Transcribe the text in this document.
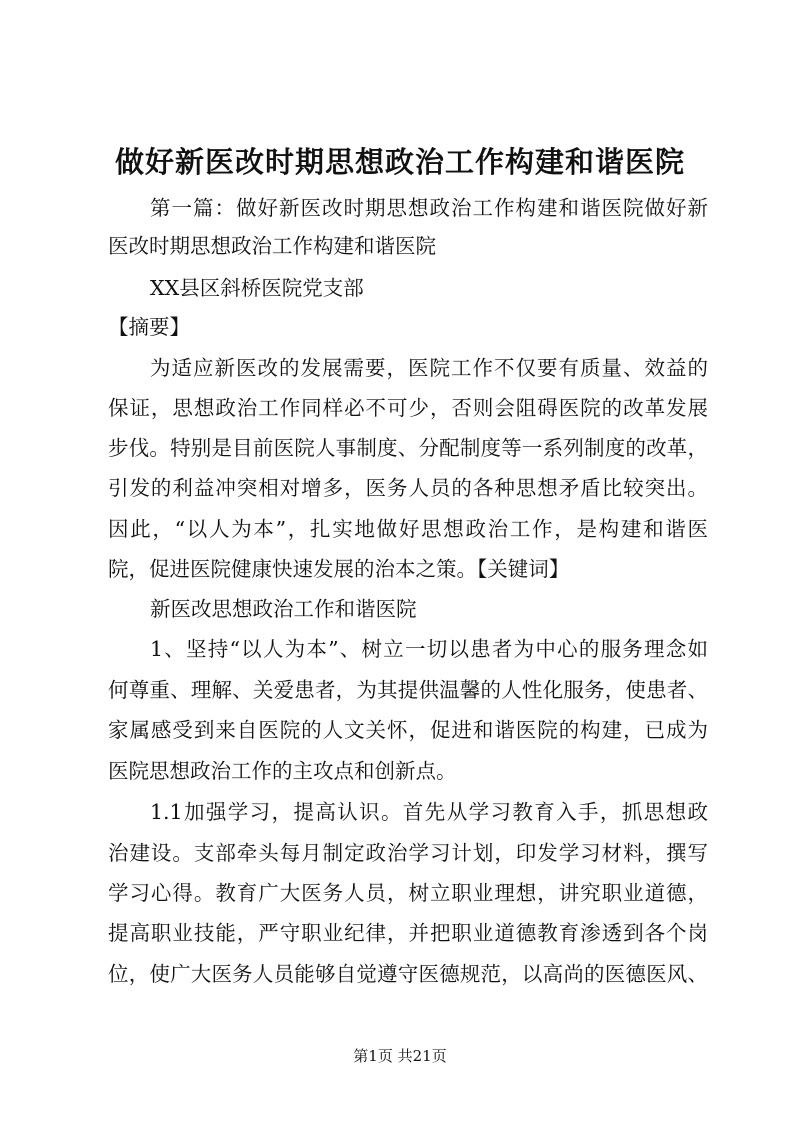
做好新医改时期思想政治工作构建和谐医院
第一篇：做好新医改时期思想政治工作构建和谐医院做好新
医改时期思想政治工作构建和谐医院
XX县区斜桥医院党支部
【摘要】
为适应新医改的发展需要，医院工作不仅要有质量、效益的
保证，思想政治工作同样必不可少，否则会阻碍医院的改革发展
步伐。特别是目前医院人事制度、分配制度等一系列制度的改革，
引发的利益冲突相对增多，医务人员的各种思想矛盾比较突出。
因此，“以人为本”，扎实地做好思想政治工作，是构建和谐医
院，促进医院健康快速发展的治本之策。【关键词】
新医改思想政治工作和谐医院
1、坚持“以人为本”、树立一切以患者为中心的服务理念如
何尊重、理解、关爱患者，为其提供温馨的人性化服务，使患者、
家属感受到来自医院的人文关怀，促进和谐医院的构建，已成为
医院思想政治工作的主攻点和创新点。
1.1加强学习，提高认识。首先从学习教育入手，抓思想政
治建设。支部牵头每月制定政治学习计划，印发学习材料，撰写
学习心得。教育广大医务人员，树立职业理想，讲究职业道德，
提高职业技能，严守职业纪律，并把职业道德教育渗透到各个岗
位，使广大医务人员能够自觉遵守医德规范，以高尚的医德医风、
第1页 共21页
